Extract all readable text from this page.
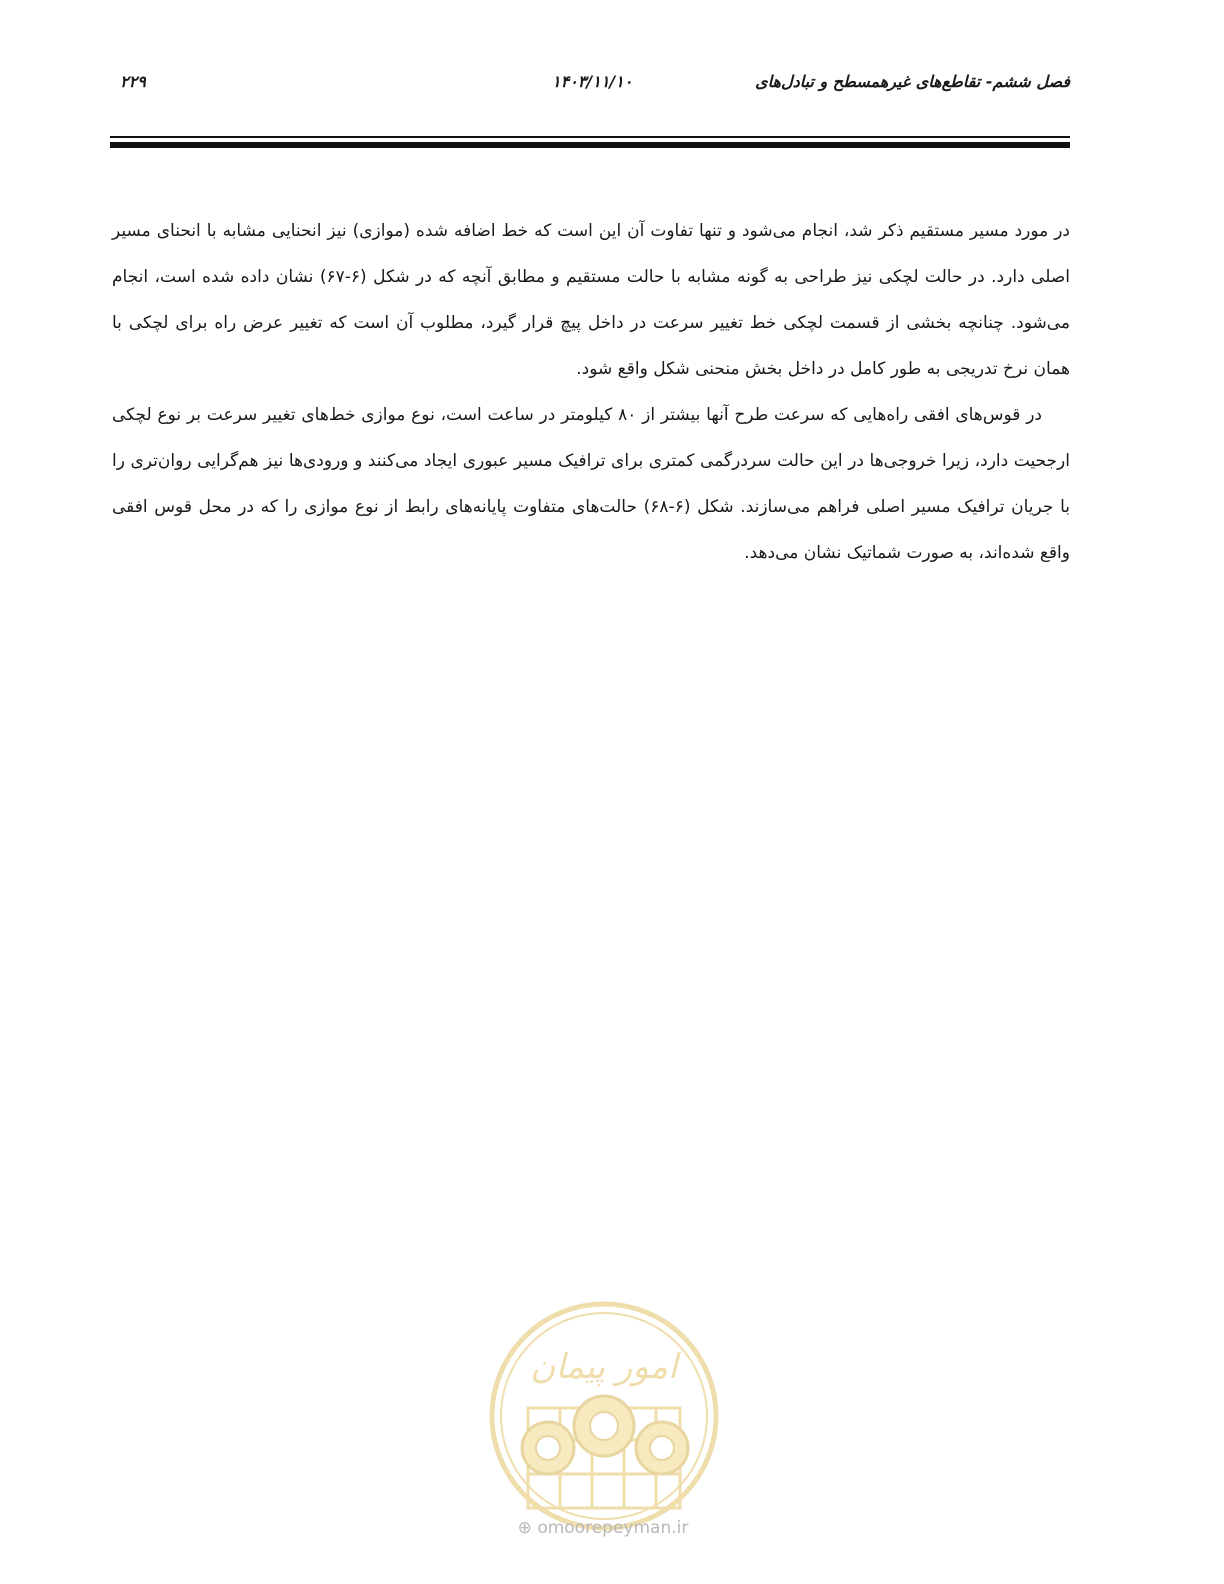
فصل ششم- تقاطع‌های غیرهمسطح و تبادل‌های
۱۴۰۳/۱۱/۱۰
۲۲۹

در مورد مسیر مستقیم ذکر شد، انجام می‌شود و تنها تفاوت آن این است که خط اضافه شده (موازی) نیز انحنایی مشابه با انحنای مسیر اصلی دارد. در حالت لچکی نیز طراحی به گونه مشابه با حالت مستقیم و مطابق آنچه که در شکل (۶-۶۷) نشان داده شده است، انجام می‌شود. چنانچه بخشی از قسمت لچکی خط تغییر سرعت در داخل پیچ قرار گیرد، مطلوب آن است که تغییر عرض راه برای لچکی با همان نرخ تدریجی به طور کامل در داخل بخش منحنی شکل واقع شود.

در قوس‌های افقی راه‌هایی که سرعت طرح آنها بیشتر از ۸۰ کیلومتر در ساعت است، نوع موازی خط‌های تغییر سرعت بر نوع لچکی ارجحیت دارد، زیرا خروجی‌ها در این حالت سردرگمی کمتری برای ترافیک مسیر عبوری ایجاد می‌کنند و ورودی‌ها نیز هم‌گرایی روان‌تری را با جریان ترافیک مسیر اصلی فراهم می‌سازند. شکل (۶-۶۸) حالت‌های متفاوت پایانه‌های رابط از نوع موازی را که در محل قوس افقی واقع شده‌اند، به صورت شماتیک نشان می‌دهد.

امور پیمان
⊕ omoorepeyman.ir
